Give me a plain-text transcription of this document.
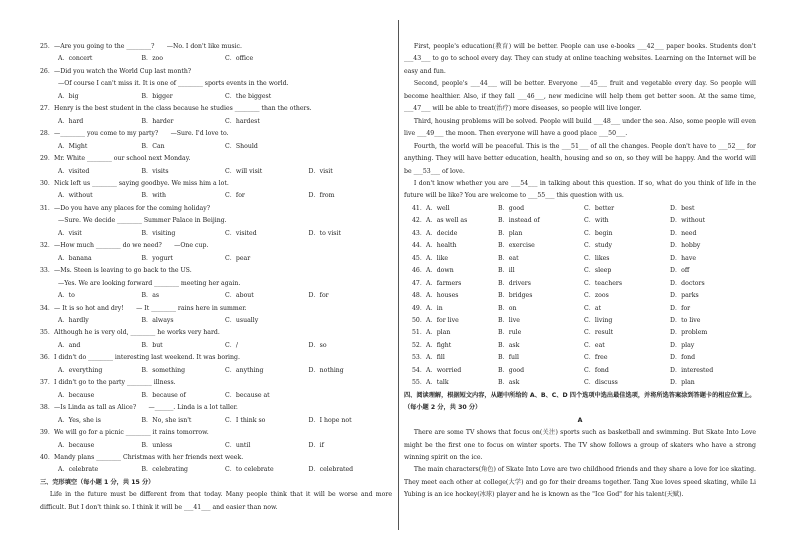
25．—Are you going to the ________?　　—No. I don't like music.
A．concert	B．zoo	C．office
26．—Did you watch the World Cup last month?
—Of course I can't miss it. It is one of ________ sports events in the world.
A．big	B．bigger	C．the biggest
27．Henry is the best student in the class because he studies ________ than the others.
A．hard	B．harder	C．hardest
28．—________ you come to my party?　　—Sure. I'd love to.
A．Might	B．Can	C．Should
29．Mr. White ________ our school next Monday.
A．visited	B．visits	C．will visit	D．visit
30．Nick left us ________ saying goodbye. We miss him a lot.
A．without	B．with	C．for	D．from
31．—Do you have any places for the coming holiday?
—Sure. We decide ________ Summer Palace in Beijing.
A．visit	B．visiting	C．visited	D．to visit
32．—How much ________ do we need?　　—One cup.
A．banana	B．yogurt	C．pear
33．—Ms. Steen is leaving to go back to the US.
—Yes. We are looking forward ________ meeting her again.
A．to	B．as	C．about	D．for
34．— It is so hot and dry!　　— It ________ rains here in summer.
A．hardly	B．always	C．usually
35．Although he is very old, ________ he works very hard.
A．and	B．but	C．/	D．so
36．I didn't do ________ interesting last weekend. It was boring.
A．everything	B．something	C．anything	D．nothing
37．I didn't go to the party ________ illness.
A．because	B．because of	C．because at
38．—Is Linda as tall as Alice?　　—______. Linda is a lot taller.
A．Yes, she is	B．No, she isn't	C．I think so	D．I hope not
39．We will go for a picnic ________ it rains tomorrow.
A．because	B．unless	C．until	D．if
40．Mandy plans ________ Christmas with her friends next week.
A．celebrate	B．celebrating	C．to celebrate	D．celebrated
三、完形填空（每小题 1 分，共 15 分）
Life in the future must be different from that today. Many people think that it will be worse and more difficult. But I don't think so. I think it will be ___41___ and easier than now.
First, people's education(教育) will be better. People can use e-books ___42___ paper books. Students don't ___43___ to go to school every day. They can study at online teaching websites. Learning on the Internet will be easy and fun.
Second, people's ___44___ will be better. Everyone ___45___ fruit and vegetable every day. So people will become healthier. Also, if they fall ___46___, new medicine will help them get better soon. At the same time, ___47___ will be able to treat(治疗) more diseases, so people will live longer.
Third, housing problems will be solved. People will build ___48___ under the sea. Also, some people will even live ___49___ the moon. Then everyone will have a good place ___50___.
Fourth, the world will be peaceful. This is the ___51___ of all the changes. People don't have to ___52___ for anything. They will have better education, health, housing and so on, so they will be happy. And the world will be ___53___ of love.
I don't know whether you are ___54___ in talking about this question. If so, what do you think of life in the future will be like? You are welcome to ___55___ this question with us.
41．A．well	B．good	C．better	D．best
42．A．as well as	B．instead of	C．with	D．without
43．A．decide	B．plan	C．begin	D．need
44．A．health	B．exercise	C．study	D．hobby
45．A．like	B．eat	C．likes	D．have
46．A．down	B．ill	C．sleep	D．off
47．A．farmers	B．drivers	C．teachers	D．doctors
48．A．houses	B．bridges	C．zoos	D．parks
49．A．in	B．on	C．at	D．for
50．A．for live	B．live	C．living	D．to live
51．A．plan	B．rule	C．result	D．problem
52．A．fight	B．ask	C．eat	D．play
53．A．fill	B．full	C．free	D．fond
54．A．worried	B．good	C．fond	D．interested
55．A．talk	B．ask	C．discuss	D．plan
四、阅读理解，根据短文内容，从题中所给的 A、B、C、D 四个选项中选出最佳选项，并将所选答案涂到答题卡的相应位置上。（每小题 2 分，共 30 分）
A
There are some TV shows that focus on(关注) sports such as basketball and swimming. But Skate Into Love might be the first one to focus on winter sports. The TV show follows a group of skaters who have a strong winning spirit on the ice.
The main characters(角色) of Skate Into Love are two childhood friends and they share a love for ice skating. They meet each other at college(大学) and go for their dreams together. Tang Xue loves speed skating, while Li Yubing is an ice hockey(冰球) player and he is known as the "Ice God" for his talent(天赋).
